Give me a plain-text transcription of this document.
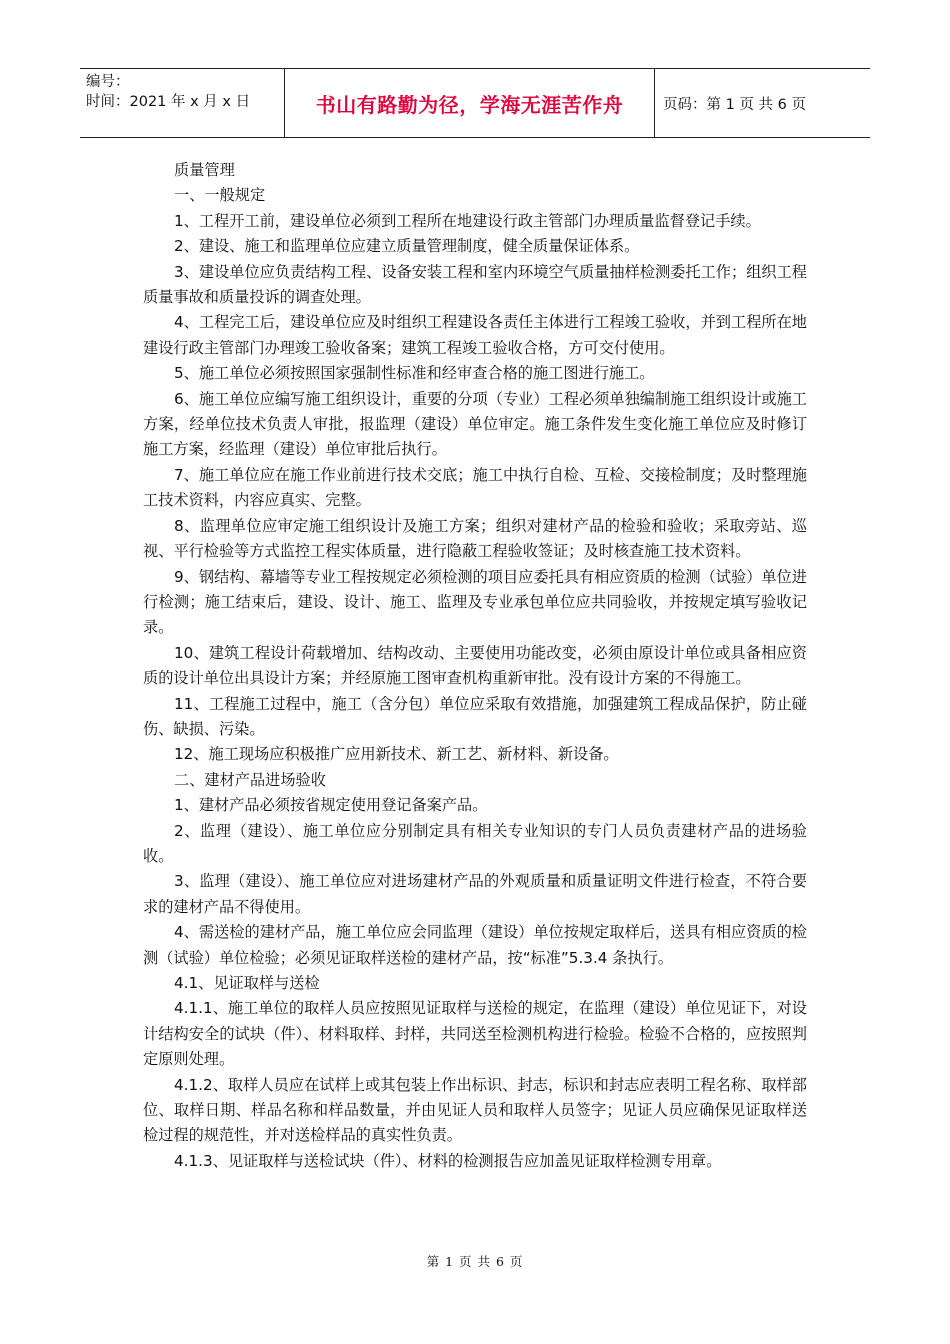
编号：
时间：2021 年 x 月 x 日	书山有路勤为径，学海无涯苦作舟	页码：第 1 页 共 6 页

质量管理

一、一般规定

1、工程开工前，建设单位必须到工程所在地建设行政主管部门办理质量监督登记手续。

2、建设、施工和监理单位应建立质量管理制度，健全质量保证体系。

3、建设单位应负责结构工程、设备安装工程和室内环境空气质量抽样检测委托工作；组织工程质量事故和质量投诉的调查处理。

4、工程完工后，建设单位应及时组织工程建设各责任主体进行工程竣工验收，并到工程所在地建设行政主管部门办理竣工验收备案；建筑工程竣工验收合格，方可交付使用。

5、施工单位必须按照国家强制性标准和经审查合格的施工图进行施工。

6、施工单位应编写施工组织设计，重要的分项（专业）工程必须单独编制施工组织设计或施工方案，经单位技术负责人审批，报监理（建设）单位审定。施工条件发生变化施工单位应及时修订施工方案，经监理（建设）单位审批后执行。

7、施工单位应在施工作业前进行技术交底；施工中执行自检、互检、交接检制度；及时整理施工技术资料，内容应真实、完整。

8、监理单位应审定施工组织设计及施工方案；组织对建材产品的检验和验收；采取旁站、巡视、平行检验等方式监控工程实体质量，进行隐蔽工程验收签证；及时核查施工技术资料。

9、钢结构、幕墙等专业工程按规定必须检测的项目应委托具有相应资质的检测（试验）单位进行检测；施工结束后，建设、设计、施工、监理及专业承包单位应共同验收，并按规定填写验收记录。

10、建筑工程设计荷载增加、结构改动、主要使用功能改变，必须由原设计单位或具备相应资质的设计单位出具设计方案；并经原施工图审查机构重新审批。没有设计方案的不得施工。

11、工程施工过程中，施工（含分包）单位应采取有效措施，加强建筑工程成品保护，防止碰伤、缺损、污染。

12、施工现场应积极推广应用新技术、新工艺、新材料、新设备。

二、建材产品进场验收

1、建材产品必须按省规定使用登记备案产品。

2、监理（建设）、施工单位应分别制定具有相关专业知识的专门人员负责建材产品的进场验收。

3、监理（建设）、施工单位应对进场建材产品的外观质量和质量证明文件进行检查，不符合要求的建材产品不得使用。

4、需送检的建材产品，施工单位应会同监理（建设）单位按规定取样后，送具有相应资质的检测（试验）单位检验；必须见证取样送检的建材产品，按“标准”5.3.4 条执行。

4.1、见证取样与送检

4.1.1、施工单位的取样人员应按照见证取样与送检的规定，在监理（建设）单位见证下，对设计结构安全的试块（件）、材料取样、封样，共同送至检测机构进行检验。检验不合格的，应按照判定原则处理。

4.1.2、取样人员应在试样上或其包装上作出标识、封志，标识和封志应表明工程名称、取样部位、取样日期、样品名称和样品数量，并由见证人员和取样人员签字；见证人员应确保见证取样送检过程的规范性，并对送检样品的真实性负责。

4.1.3、见证取样与送检试块（件）、材料的检测报告应加盖见证取样检测专用章。

第 1 页 共 6 页
